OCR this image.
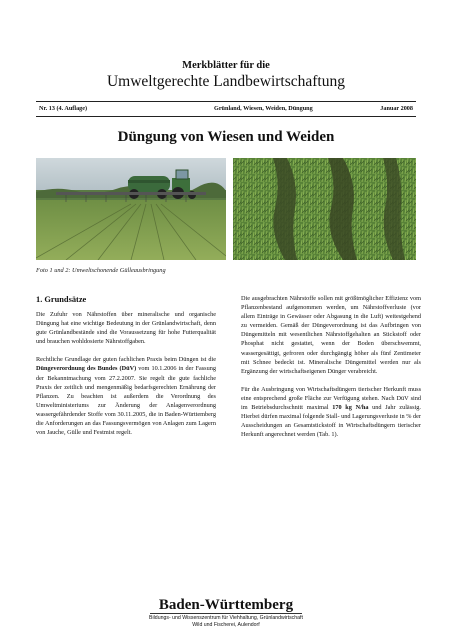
Merkblätter für die
Umweltgerechte Landbewirtschaftung
Nr. 13 (4. Auflage)	Grünland, Wiesen, Weiden, Düngung	Januar 2008
Düngung von Wiesen und Weiden
Foto 1 und 2: Umweltschonende Gülleausbringung
1. Grundsätze

Die Zufuhr von Nährstoffen über mineralische und organische Düngung hat eine wichtige Bedeutung in der Grünlandwirtschaft, denn gute Grünlandbestände sind die Voraussetzung für hohe Futterqualität und brauchen wohldosierte Nährstoffgaben.

Rechtliche Grundlage der guten fachlichen Praxis beim Düngen ist die Düngeverordnung des Bundes (DüV) vom 10.1.2006 in der Fassung der Bekanntmachung vom 27.2.2007. Sie regelt die gute fachliche Praxis der zeitlich und mengenmäßig bedarfsgerechten Ernährung der Pflanzen. Zu beachten ist außerdem die Verordnung des Umweltministeriums zur Änderung der Anlagenverordnung wassergefährdender Stoffe vom 30.11.2005, die in Baden-Württemberg die Anforderungen an das Fassungsvermögen von Anlagen zum Lagern von Jauche, Gülle und Festmist regelt.

Die ausgebrachten Nährstoffe sollen mit größtmöglicher Effizienz vom Pflanzenbestand aufgenommen werden, um Nährstoffverluste (vor allem Einträge in Gewässer oder Abgasung in die Luft) weitestgehend zu vermeiden. Gemäß der Düngeverordnung ist das Aufbringen von Düngemitteln mit wesentlichen Nährstoffgehalten an Stickstoff oder Phosphat nicht gestattet, wenn der Boden überschwemmt, wassergesättigt, gefroren oder durchgängig höher als fünf Zentimeter mit Schnee bedeckt ist. Mineralische Düngemittel werden nur als Ergänzung der wirtschaftseigenen Dünger verabreicht.

Für die Ausbringung von Wirtschaftsdüngern tierischer Herkunft muss eine entsprechend große Fläche zur Verfügung stehen. Nach DüV sind im Betriebsdurchschnitt maximal 170 kg N/ha und Jahr zulässig. Hierbei dürfen maximal folgende Stall- und Lagerungsverluste in % der Ausscheidungen an Gesamtstickstoff in Wirtschaftsdüngern tierischer Herkunft angerechnet werden (Tab. 1).

Baden-Württemberg
Bildungs- und Wissenszentrum für Viehhaltung, Grünlandwirtschaft
Wild und Fischerei, Aulendorf
